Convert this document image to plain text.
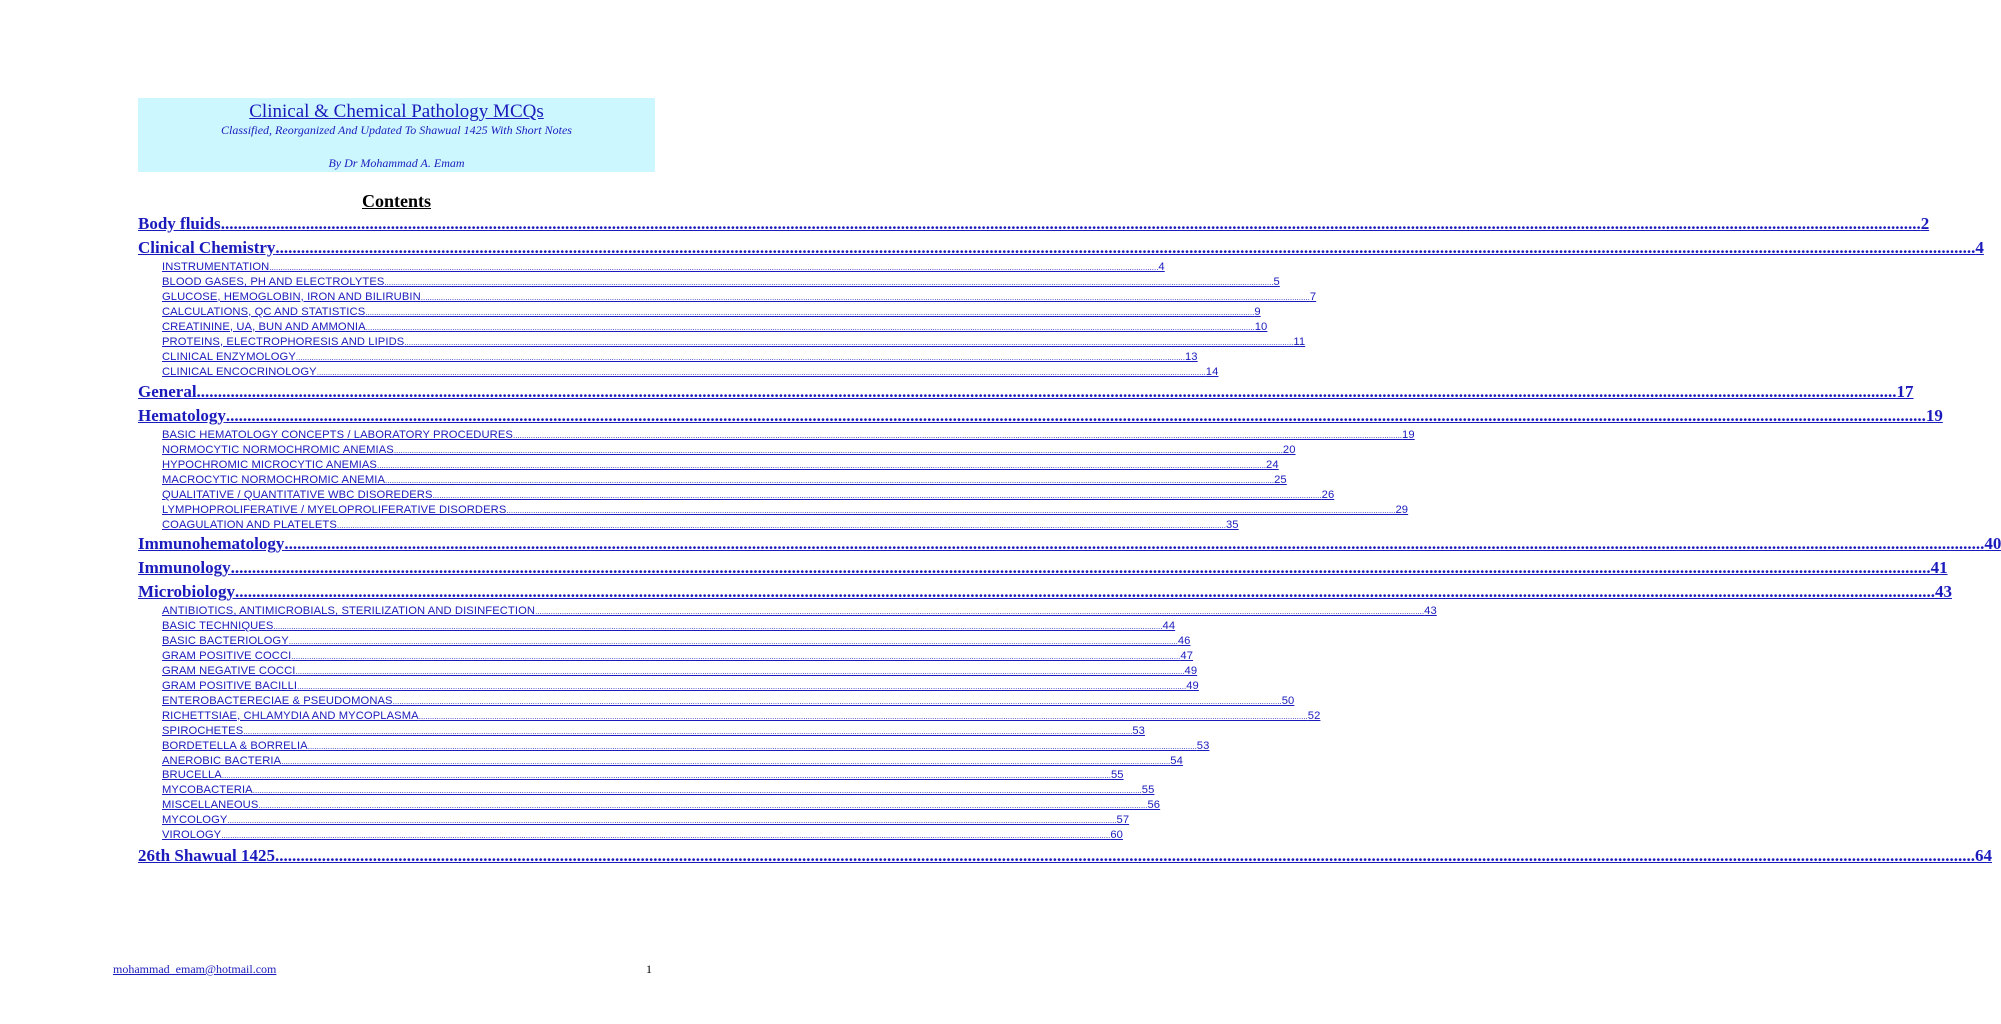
Clinical & Chemical Pathology MCQs
Classified, Reorganized And Updated To Shawual 1425 With Short Notes
By Dr Mohammad A. Emam
Contents
Body fluids ................................................................................................................................................................................................................................................................................................................................................................................................................ 2
Clinical Chemistry ................................................................................................................................................................................................................................................................................................................................................................................................................ 4
INSTRUMENTATION ................................................................................................................................................................................................................................................................................................................................................................................................................ 4
BLOOD GASES, PH AND ELECTROLYTES ................................................................................................................................................................................................................................................................................................................................................................................................................ 5
GLUCOSE, HEMOGLOBIN, IRON AND BILIRUBIN ................................................................................................................................................................................................................................................................................................................................................................................................................ 7
CALCULATIONS, QC AND STATISTICS ................................................................................................................................................................................................................................................................................................................................................................................................................ 9
CREATININE, UA, BUN AND AMMONIA ................................................................................................................................................................................................................................................................................................................................................................................................................ 10
PROTEINS, ELECTROPHORESIS AND LIPIDS ................................................................................................................................................................................................................................................................................................................................................................................................................ 11
CLINICAL ENZYMOLOGY ................................................................................................................................................................................................................................................................................................................................................................................................................ 13
CLINICAL ENCOCRINOLOGY ................................................................................................................................................................................................................................................................................................................................................................................................................ 14
General ................................................................................................................................................................................................................................................................................................................................................................................................................ 17
Hematology ................................................................................................................................................................................................................................................................................................................................................................................................................ 19
BASIC HEMATOLOGY CONCEPTS / LABORATORY PROCEDURES ................................................................................................................................................................................................................................................................................................................................................................................................................ 19
NORMOCYTIC NORMOCHROMIC ANEMIAS ................................................................................................................................................................................................................................................................................................................................................................................................................ 20
HYPOCHROMIC MICROCYTIC ANEMIAS ................................................................................................................................................................................................................................................................................................................................................................................................................ 24
MACROCYTIC NORMOCHROMIC ANEMIA ................................................................................................................................................................................................................................................................................................................................................................................................................ 25
QUALITATIVE / QUANTITATIVE WBC DISOREDERS ................................................................................................................................................................................................................................................................................................................................................................................................................ 26
LYMPHOPROLIFERATIVE / MYELOPROLIFERATIVE DISORDERS ................................................................................................................................................................................................................................................................................................................................................................................................................ 29
COAGULATION AND PLATELETS ................................................................................................................................................................................................................................................................................................................................................................................................................ 35
Immunohematology ................................................................................................................................................................................................................................................................................................................................................................................................................ 40
Immunology ................................................................................................................................................................................................................................................................................................................................................................................................................ 41
Microbiology ................................................................................................................................................................................................................................................................................................................................................................................................................ 43
ANTIBIOTICS, ANTIMICROBIALS, STERILIZATION AND DISINFECTION ................................................................................................................................................................................................................................................................................................................................................................................................................ 43
BASIC TECHNIQUES ................................................................................................................................................................................................................................................................................................................................................................................................................ 44
BASIC BACTERIOLOGY ................................................................................................................................................................................................................................................................................................................................................................................................................ 46
GRAM POSITIVE COCCI ................................................................................................................................................................................................................................................................................................................................................................................................................ 47
GRAM NEGATIVE COCCI ................................................................................................................................................................................................................................................................................................................................................................................................................ 49
GRAM POSITIVE BACILLI ................................................................................................................................................................................................................................................................................................................................................................................................................ 49
ENTEROBACTERECIAE & PSEUDOMONAS ................................................................................................................................................................................................................................................................................................................................................................................................................ 50
RICHETTSIAE, CHLAMYDIA AND MYCOPLASMA ................................................................................................................................................................................................................................................................................................................................................................................................................ 52
SPIROCHETES ................................................................................................................................................................................................................................................................................................................................................................................................................ 53
BORDETELLA & BORRELIA ................................................................................................................................................................................................................................................................................................................................................................................................................ 53
ANEROBIC BACTERIA ................................................................................................................................................................................................................................................................................................................................................................................................................ 54
BRUCELLA ................................................................................................................................................................................................................................................................................................................................................................................................................ 55
MYCOBACTERIA ................................................................................................................................................................................................................................................................................................................................................................................................................ 55
MISCELLANEOUS ................................................................................................................................................................................................................................................................................................................................................................................................................ 56
MYCOLOGY ................................................................................................................................................................................................................................................................................................................................................................................................................ 57
VIROLOGY ................................................................................................................................................................................................................................................................................................................................................................................................................ 60
26th Shawual 1425 ................................................................................................................................................................................................................................................................................................................................................................................................................ 64
mohammad_emam@hotmail.com	1
